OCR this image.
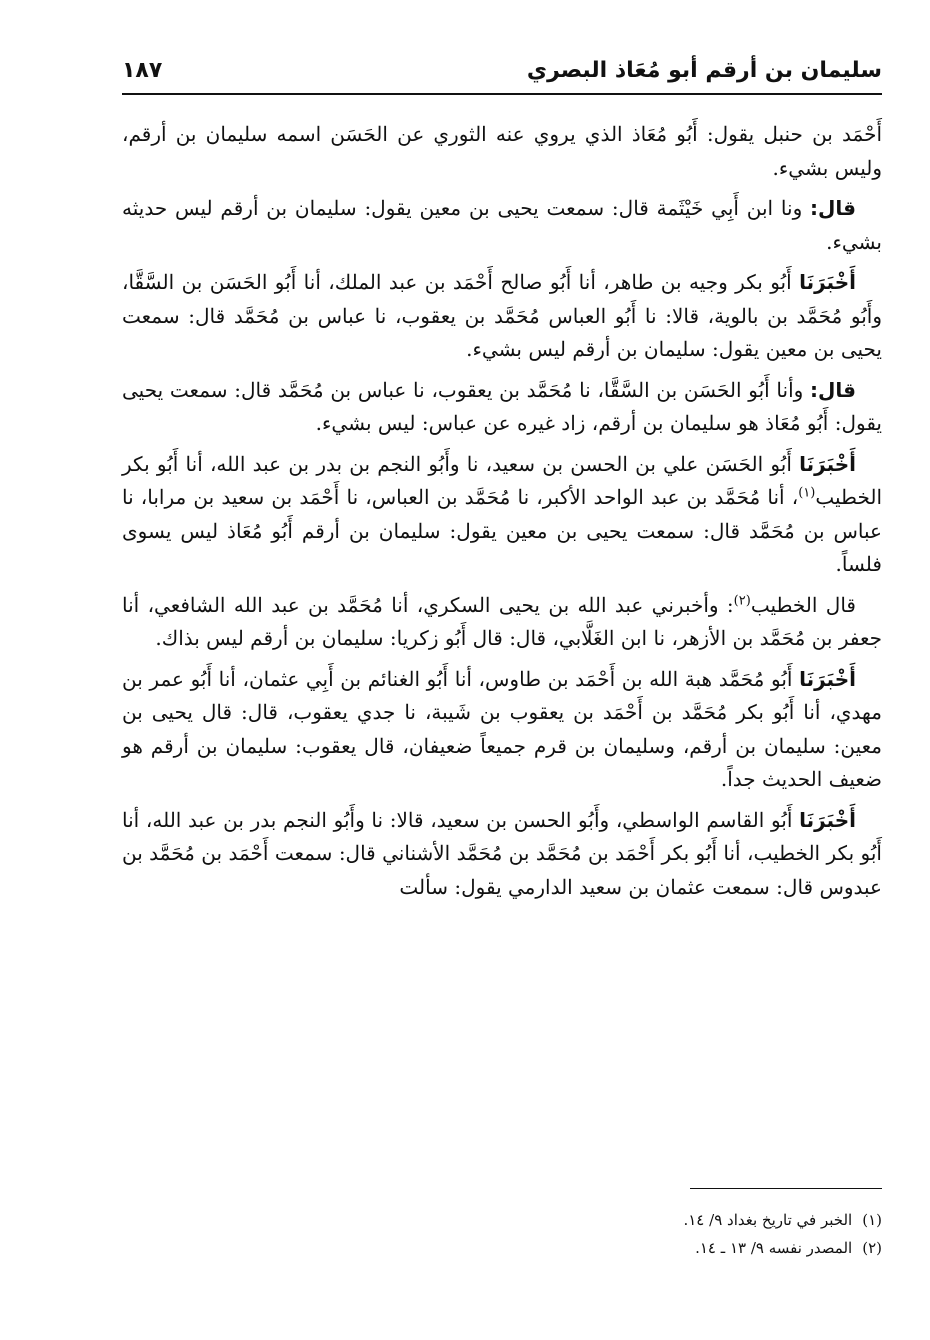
سليمان بن أرقم أبو مُعَاذ البصري
١٨٧

أَحْمَد بن حنبل يقول: أَبُو مُعَاذ الذي يروي عنه الثوري عن الحَسَن اسمه سليمان بن أرقم، وليس بشيء.

قال: ونا ابن أَبِي خَيْثَمة قال: سمعت يحيى بن معين يقول: سليمان بن أرقم ليس حديثه بشيء.

أَخْبَرَنَا أَبُو بكر وجيه بن طاهر، أنا أَبُو صالح أَحْمَد بن عبد الملك، أنا أَبُو الحَسَن بن السَّقَّا، وأَبُو مُحَمَّد بن بالوية، قالا: نا أَبُو العباس مُحَمَّد بن يعقوب، نا عباس بن مُحَمَّد قال: سمعت يحيى بن معين يقول: سليمان بن أرقم ليس بشيء.

قال: وأنا أَبُو الحَسَن بن السَّقَّا، نا مُحَمَّد بن يعقوب، نا عباس بن مُحَمَّد قال: سمعت يحيى يقول: أَبُو مُعَاذ هو سليمان بن أرقم، زاد غيره عن عباس: ليس بشيء.

أَخْبَرَنَا أَبُو الحَسَن علي بن الحسن بن سعيد، نا وأَبُو النجم بن بدر بن عبد الله، أنا أَبُو بكر الخطيب$^{(١)}$، أنا مُحَمَّد بن عبد الواحد الأكبر، نا مُحَمَّد بن العباس، نا أَحْمَد بن سعيد بن مرابا، نا عباس بن مُحَمَّد قال: سمعت يحيى بن معين يقول: سليمان بن أرقم أَبُو مُعَاذ ليس يسوى فلساً.

قال الخطيب$^{(٢)}$: وأخبرني عبد الله بن يحيى السكري، أنا مُحَمَّد بن عبد الله الشافعي، أنا جعفر بن مُحَمَّد بن الأزهر، نا ابن الغَلَّابي، قال: قال أَبُو زكريا: سليمان بن أرقم ليس بذاك.

أَخْبَرَنَا أَبُو مُحَمَّد هبة الله بن أَحْمَد بن طاوس، أنا أَبُو الغنائم بن أَبِي عثمان، أنا أَبُو عمر بن مهدي، أنا أَبُو بكر مُحَمَّد بن أَحْمَد بن يعقوب بن شَيبة، نا جدي يعقوب، قال: قال يحيى بن معين: سليمان بن أرقم، وسليمان بن قرم جميعاً ضعيفان، قال يعقوب: سليمان بن أرقم هو ضعيف الحديث جداً.

أَخْبَرَنَا أَبُو القاسم الواسطي، وأَبُو الحسن بن سعيد، قالا: نا وأَبُو النجم بدر بن عبد الله، أنا أَبُو بكر الخطيب، أنا أَبُو بكر أَحْمَد بن مُحَمَّد بن مُحَمَّد الأشناني قال: سمعت أَحْمَد بن مُحَمَّد بن عبدوس قال: سمعت عثمان بن سعيد الدارمي يقول: سألت

(١)الخبر في تاريخ بغداد ٩/ ١٤.

(٢)المصدر نفسه ٩/ ١٣ ـ ١٤.
